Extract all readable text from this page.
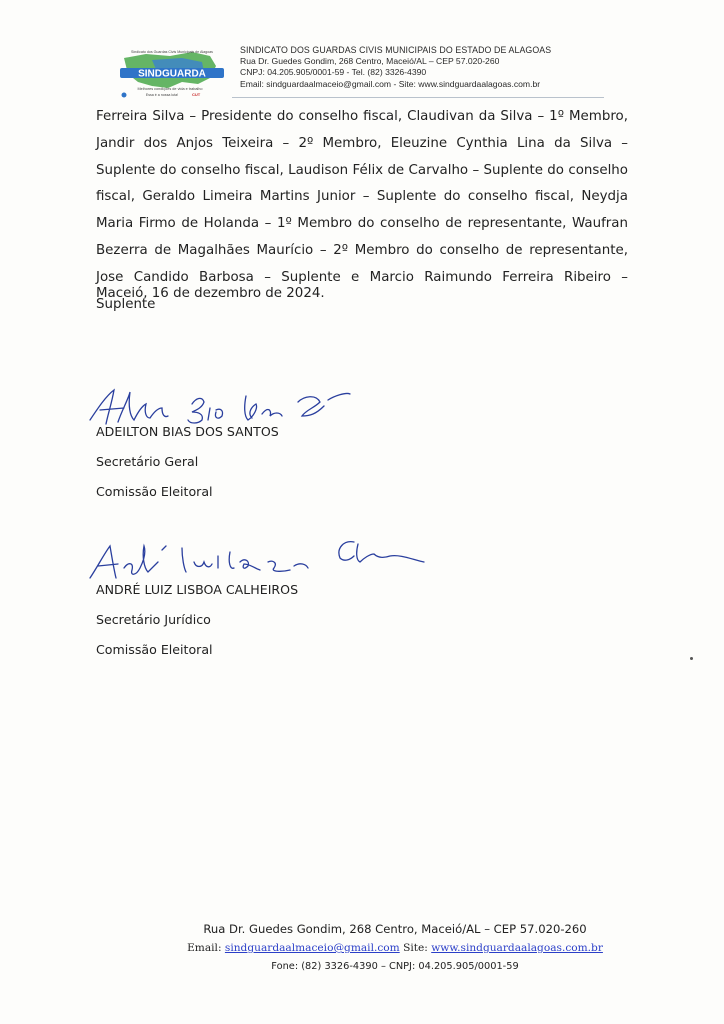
SINDGUARDA
Sindicato dos Guardas Civis Municipais de Alagoas
Melhores condições de vida e trabalho
Essa é a nossa luta!	CUT
SINDICATO DOS GUARDAS CIVIS MUNICIPAIS DO ESTADO DE ALAGOAS
Rua Dr. Guedes Gondim, 268 Centro, Maceió/AL – CEP 57.020-260
CNPJ: 04.205.905/0001-59 - Tel. (82) 3326-4390
Email: sindguardaalmaceio@gmail.com - Site: www.sindguardaalagoas.com.br
Ferreira Silva – Presidente do conselho fiscal, Claudivan da Silva – 1º Membro, Jandir dos Anjos Teixeira – 2º Membro, Eleuzine Cynthia Lina da Silva – Suplente do conselho fiscal, Laudison Félix de Carvalho – Suplente do conselho fiscal, Geraldo Limeira Martins Junior – Suplente do conselho fiscal, Neydja Maria Firmo de Holanda – 1º Membro do conselho de representante, Waufran Bezerra de Magalhães Maurício – 2º Membro do conselho de representante, Jose Candido Barbosa – Suplente e Marcio Raimundo Ferreira Ribeiro – Suplente
Maceió, 16 de dezembro de 2024.
ADEILTON BIAS DOS SANTOS
Secretário Geral
Comissão Eleitoral
ANDRÉ LUIZ LISBOA CALHEIROS
Secretário Jurídico
Comissão Eleitoral
Rua Dr. Guedes Gondim, 268 Centro, Maceió/AL – CEP 57.020-260
Email: sindguardaalmaceio@gmail.com Site: www.sindguardaalagoas.com.br
Fone: (82) 3326-4390 – CNPJ: 04.205.905/0001-59
